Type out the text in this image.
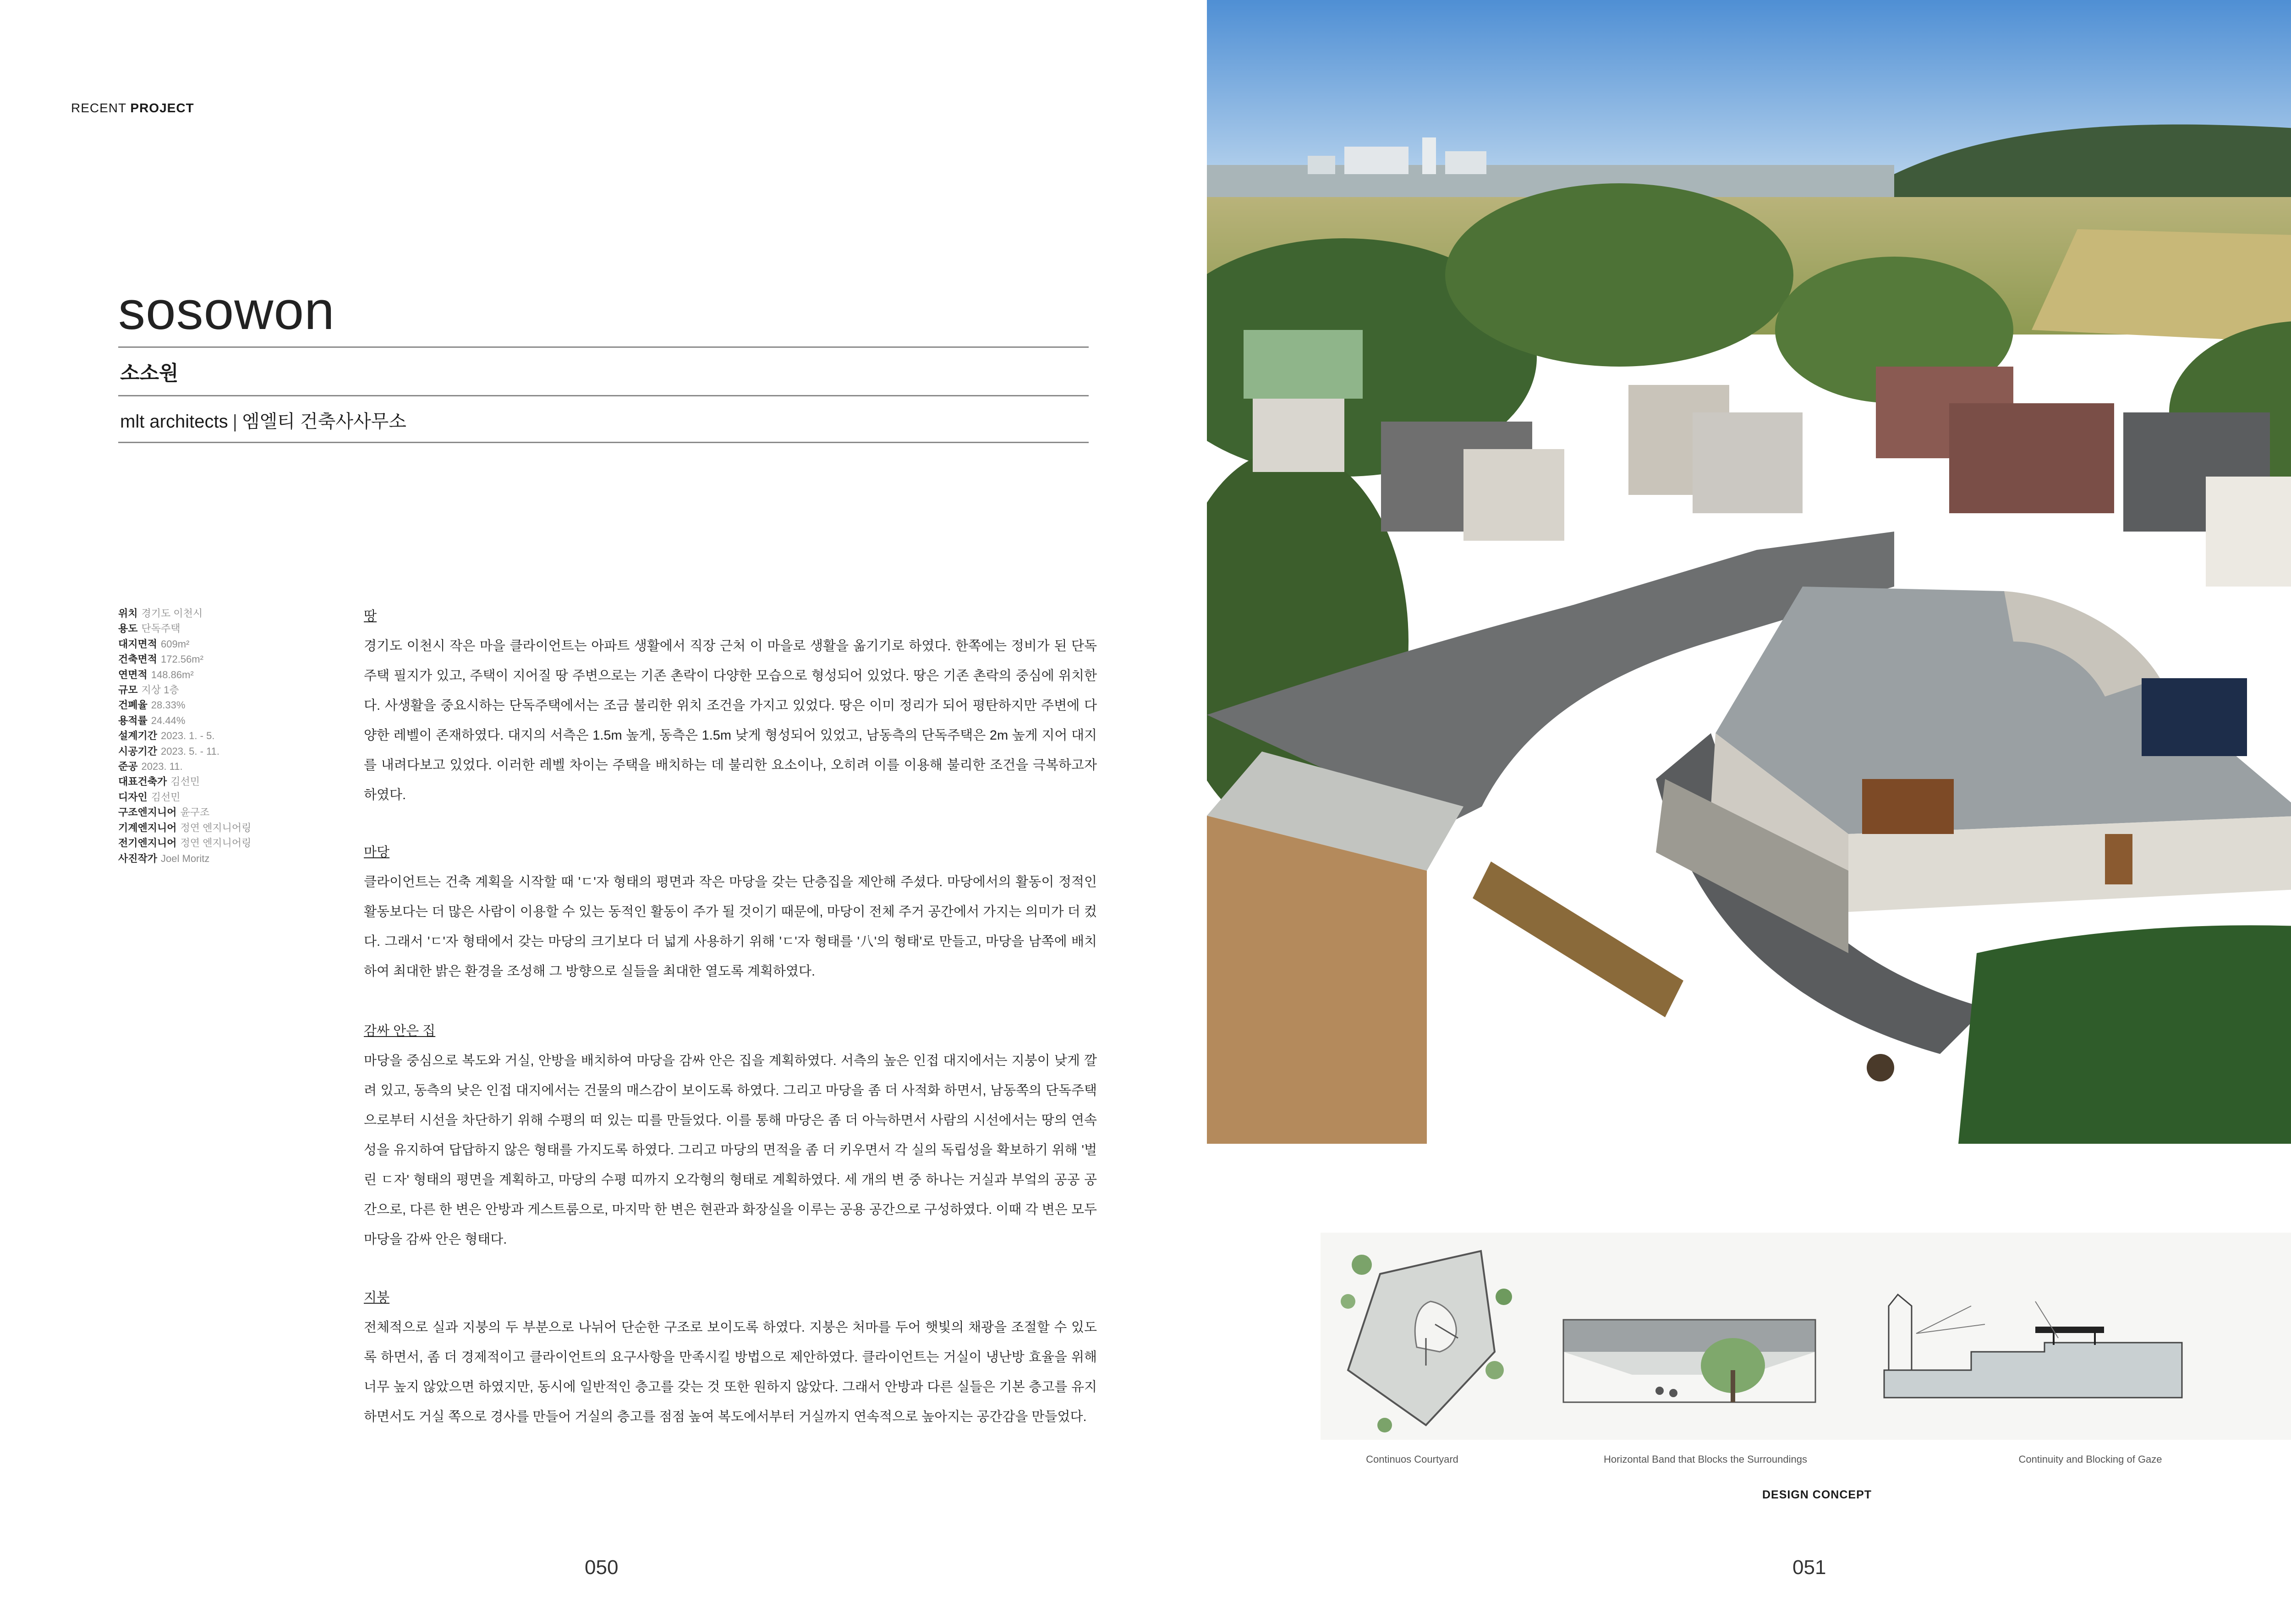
RECENT PROJECT
sosowon
소소원
mlt architects | 엠엘티 건축사사무소
위치 경기도 이천시
용도 단독주택
대지면적 609m²
건축면적 172.56m²
연면적 148.86m²
규모 지상 1층
건폐율 28.33%
용적률 24.44%
설계기간 2023. 1. - 5.
시공기간 2023. 5. - 11.
준공 2023. 11.
대표건축가 김선민
디자인 김선민
구조엔지니어 윤구조
기계엔지니어 정연 엔지니어링
전기엔지니어 정연 엔지니어링
사진작가 Joel Moritz
땅

경기도 이천시 작은 마을 클라이언트는 아파트 생활에서 직장 근처 이 마을로 생활을 옮기기로 하였다. 한쪽에는 정비가 된 단독주택 필지가 있고, 주택이 지어질 땅 주변으로는 기존 촌락이 다양한 모습으로 형성되어 있었다. 땅은 기존 촌락의 중심에 위치한다. 사생활을 중요시하는 단독주택에서는 조금 불리한 위치 조건을 가지고 있었다. 땅은 이미 정리가 되어 평탄하지만 주변에 다양한 레벨이 존재하였다. 대지의 서측은 1.5m 높게, 동측은 1.5m 낮게 형성되어 있었고, 남동측의 단독주택은 2m 높게 지어 대지를 내려다보고 있었다. 이러한 레벨 차이는 주택을 배치하는 데 불리한 요소이나, 오히려 이를 이용해 불리한 조건을 극복하고자 하였다.

마당

클라이언트는 건축 계획을 시작할 때 'ㄷ'자 형태의 평면과 작은 마당을 갖는 단층집을 제안해 주셨다. 마당에서의 활동이 정적인 활동보다는 더 많은 사람이 이용할 수 있는 동적인 활동이 주가 될 것이기 때문에, 마당이 전체 주거 공간에서 가지는 의미가 더 컸다. 그래서 'ㄷ'자 형태에서 갖는 마당의 크기보다 더 넓게 사용하기 위해 'ㄷ'자 형태를 '八'의 형태'로 만들고, 마당을 남쪽에 배치하여 최대한 밝은 환경을 조성해 그 방향으로 실들을 최대한 열도록 계획하였다.

감싸 안은 집

마당을 중심으로 복도와 거실, 안방을 배치하여 마당을 감싸 안은 집을 계획하였다. 서측의 높은 인접 대지에서는 지붕이 낮게 깔려 있고, 동측의 낮은 인접 대지에서는 건물의 매스감이 보이도록 하였다. 그리고 마당을 좀 더 사적화 하면서, 남동쪽의 단독주택으로부터 시선을 차단하기 위해 수평의 떠 있는 띠를 만들었다. 이를 통해 마당은 좀 더 아늑하면서 사람의 시선에서는 땅의 연속성을 유지하여 답답하지 않은 형태를 가지도록 하였다. 그리고 마당의 면적을 좀 더 키우면서 각 실의 독립성을 확보하기 위해 '벌린 ㄷ자' 형태의 평면을 계획하고, 마당의 수평 띠까지 오각형의 형태로 계획하였다. 세 개의 변 중 하나는 거실과 부엌의 공공 공간으로, 다른 한 변은 안방과 게스트룸으로, 마지막 한 변은 현관과 화장실을 이루는 공용 공간으로 구성하였다. 이때 각 변은 모두 마당을 감싸 안은 형태다.

지붕

전체적으로 실과 지붕의 두 부분으로 나뉘어 단순한 구조로 보이도록 하였다. 지붕은 처마를 두어 햇빛의 채광을 조절할 수 있도록 하면서, 좀 더 경제적이고 클라이언트의 요구사항을 만족시킬 방법으로 제안하였다. 클라이언트는 거실이 냉난방 효율을 위해 너무 높지 않았으면 하였지만, 동시에 일반적인 층고를 갖는 것 또한 원하지 않았다. 그래서 안방과 다른 실들은 기본 층고를 유지하면서도 거실 쪽으로 경사를 만들어 거실의 층고를 점점 높여 복도에서부터 거실까지 연속적으로 높아지는 공간감을 만들었다.

050
Continuos Courtyard	Horizontal Band that Blocks the Surroundings	Continuity and Blocking of Gaze
DESIGN CONCEPT
051
